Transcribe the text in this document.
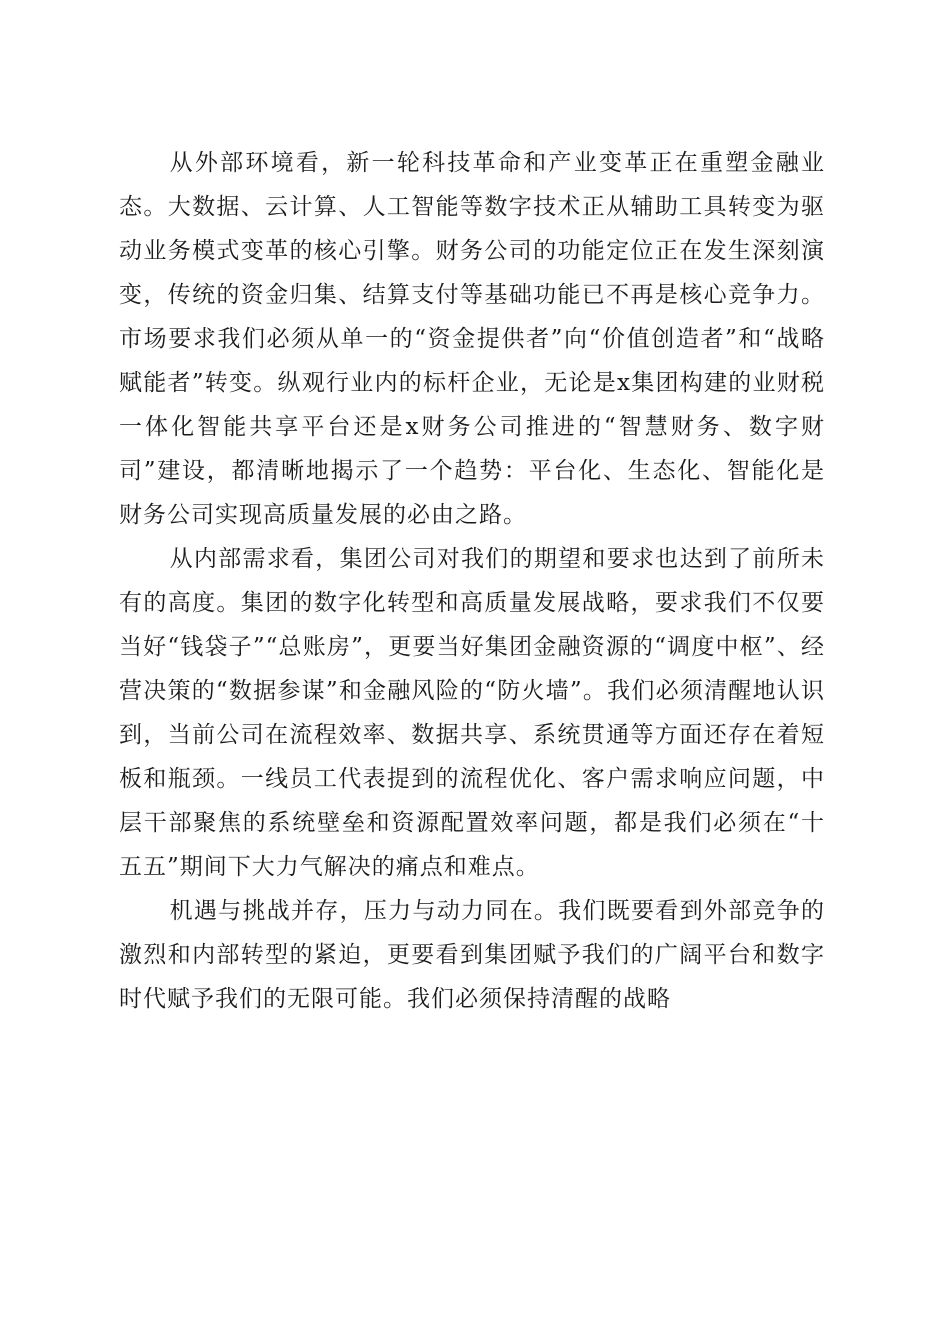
从外部环境看，新一轮科技革命和产业变革正在重塑金融业态。大数据、云计算、人工智能等数字技术正从辅助工具转变为驱动业务模式变革的核心引擎。财务公司的功能定位正在发生深刻演变，传统的资金归集、结算支付等基础功能已不再是核心竞争力。市场要求我们必须从单一的“资金提供者”向“价值创造者”和“战略赋能者”转变。纵观行业内的标杆企业，无论是x集团构建的业财税一体化智能共享平台还是x财务公司推进的“智慧财务、数字财司”建设，都清晰地揭示了一个趋势：平台化、生态化、智能化是财务公司实现高质量发展的必由之路。

从内部需求看，集团公司对我们的期望和要求也达到了前所未有的高度。集团的数字化转型和高质量发展战略，要求我们不仅要当好“钱袋子”“总账房”，更要当好集团金融资源的“调度中枢”、经营决策的“数据参谋”和金融风险的“防火墙”。我们必须清醒地认识到，当前公司在流程效率、数据共享、系统贯通等方面还存在着短板和瓶颈。一线员工代表提到的流程优化、客户需求响应问题，中层干部聚焦的系统壁垒和资源配置效率问题，都是我们必须在“十五五”期间下大力气解决的痛点和难点。

机遇与挑战并存，压力与动力同在。我们既要看到外部竞争的激烈和内部转型的紧迫，更要看到集团赋予我们的广阔平台和数字时代赋予我们的无限可能。我们必须保持清醒的战略
